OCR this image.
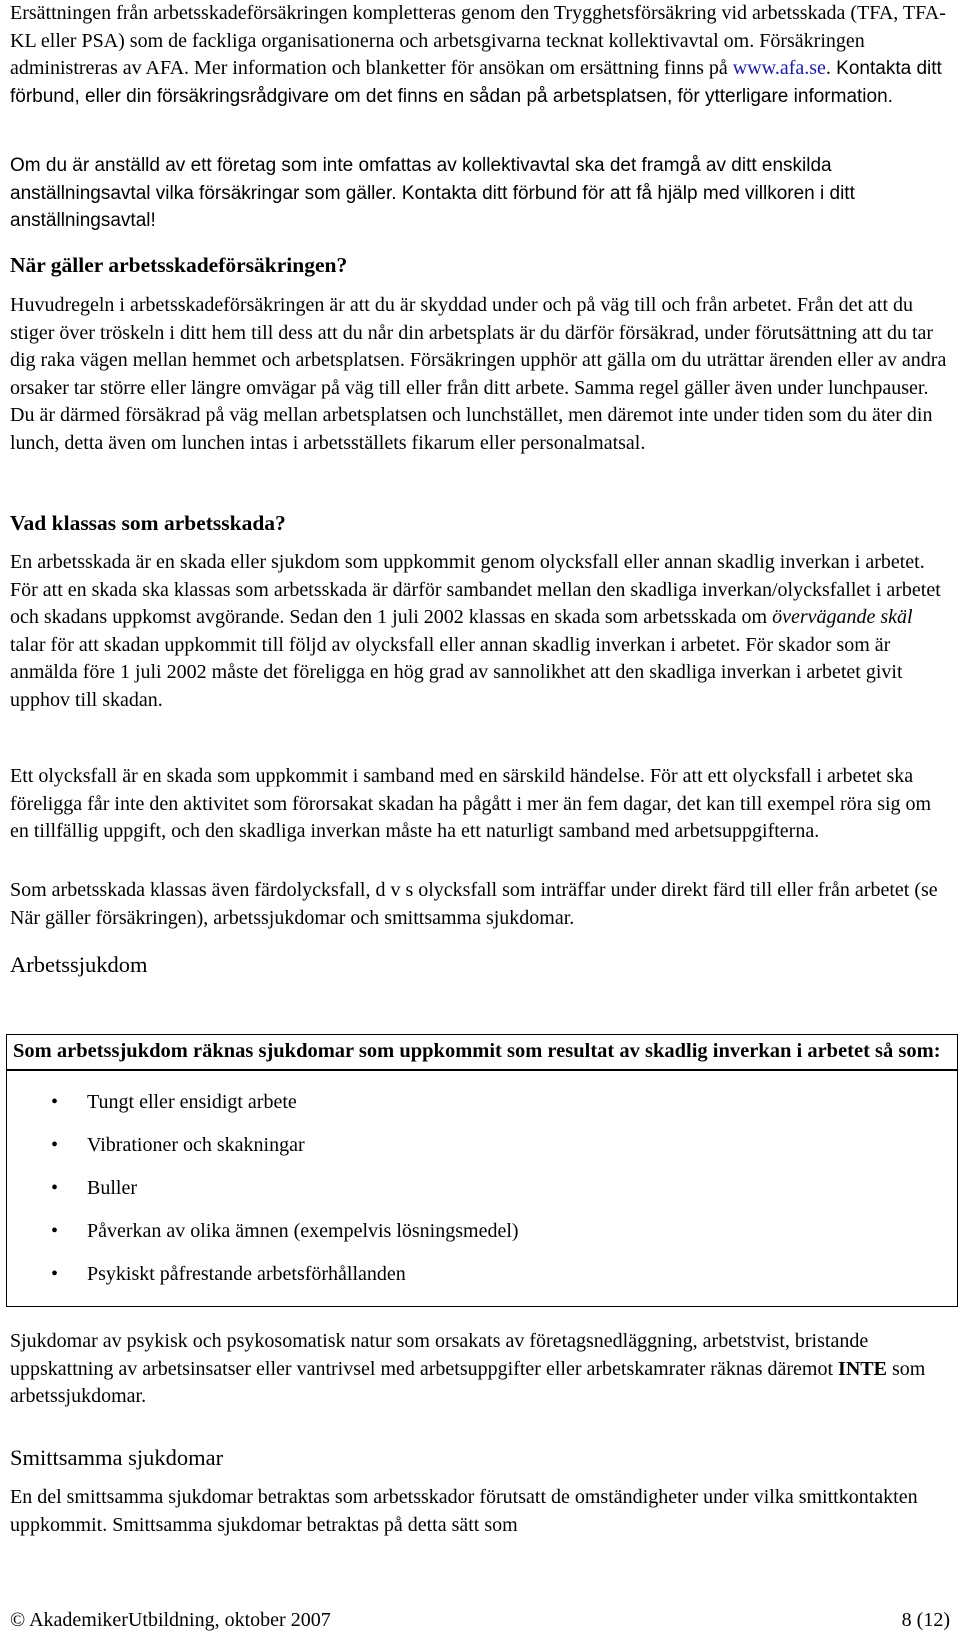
Ersättningen från arbetsskadeförsäkringen kompletteras genom den Trygghetsförsäkring vid arbetsskada (TFA, TFA-KL eller PSA) som de fackliga organisationerna och arbetsgivarna tecknat kollektivavtal om. Försäkringen administreras av AFA. Mer information och blanketter för ansökan om ersättning finns på www.afa.se. Kontakta ditt förbund, eller din försäkringsrådgivare om det finns en sådan på arbetsplatsen, för ytterligare information.

Om du är anställd av ett företag som inte omfattas av kollektivavtal ska det framgå av ditt enskilda anställningsavtal vilka försäkringar som gäller. Kontakta ditt förbund för att få hjälp med villkoren i ditt anställningsavtal!

När gäller arbetsskadeförsäkringen?

Huvudregeln i arbetsskadeförsäkringen är att du är skyddad under och på väg till och från arbetet. Från det att du stiger över tröskeln i ditt hem till dess att du når din arbetsplats är du därför försäkrad, under förutsättning att du tar dig raka vägen mellan hemmet och arbetsplatsen. Försäkringen upphör att gälla om du uträttar ärenden eller av andra orsaker tar större eller längre omvägar på väg till eller från ditt arbete. Samma regel gäller även under lunchpauser. Du är därmed försäkrad på väg mellan arbetsplatsen och lunchstället, men däremot inte under tiden som du äter din lunch, detta även om lunchen intas i arbetsställets fikarum eller personalmatsal.

Vad klassas som arbetsskada?

En arbetsskada är en skada eller sjukdom som uppkommit genom olycksfall eller annan skadlig inverkan i arbetet. För att en skada ska klassas som arbetsskada är därför sambandet mellan den skadliga inverkan/olycksfallet i arbetet och skadans uppkomst avgörande. Sedan den 1 juli 2002 klassas en skada som arbetsskada om övervägande skäl talar för att skadan uppkommit till följd av olycksfall eller annan skadlig inverkan i arbetet. För skador som är anmälda före 1 juli 2002 måste det föreligga en hög grad av sannolikhet att den skadliga inverkan i arbetet givit upphov till skadan.

Ett olycksfall är en skada som uppkommit i samband med en särskild händelse. För att ett olycksfall i arbetet ska föreligga får inte den aktivitet som förorsakat skadan ha pågått i mer än fem dagar, det kan till exempel röra sig om en tillfällig uppgift, och den skadliga inverkan måste ha ett naturligt samband med arbetsuppgifterna.

Som arbetsskada klassas även färdolycksfall, d v s olycksfall som inträffar under direkt färd till eller från arbetet (se När gäller försäkringen), arbetssjukdomar och smittsamma sjukdomar.

Arbetssjukdom
Som arbetssjukdom räknas sjukdomar som uppkommit som resultat av skadlig inverkan i arbetet så som:
• Tungt eller ensidigt arbete
• Vibrationer och skakningar
• Buller
• Påverkan av olika ämnen (exempelvis lösningsmedel)
• Psykiskt påfrestande arbetsförhållanden

Sjukdomar av psykisk och psykosomatisk natur som orsakats av företagsnedläggning, arbetstvist, bristande uppskattning av arbetsinsatser eller vantrivsel med arbetsuppgifter eller arbetskamrater räknas däremot INTE som arbetssjukdomar.

Smittsamma sjukdomar

En del smittsamma sjukdomar betraktas som arbetsskador förutsatt de omständigheter under vilka smittkontakten uppkommit. Smittsamma sjukdomar betraktas på detta sätt som

© AkademikerUtbildning, oktober 2007	8 (12)
